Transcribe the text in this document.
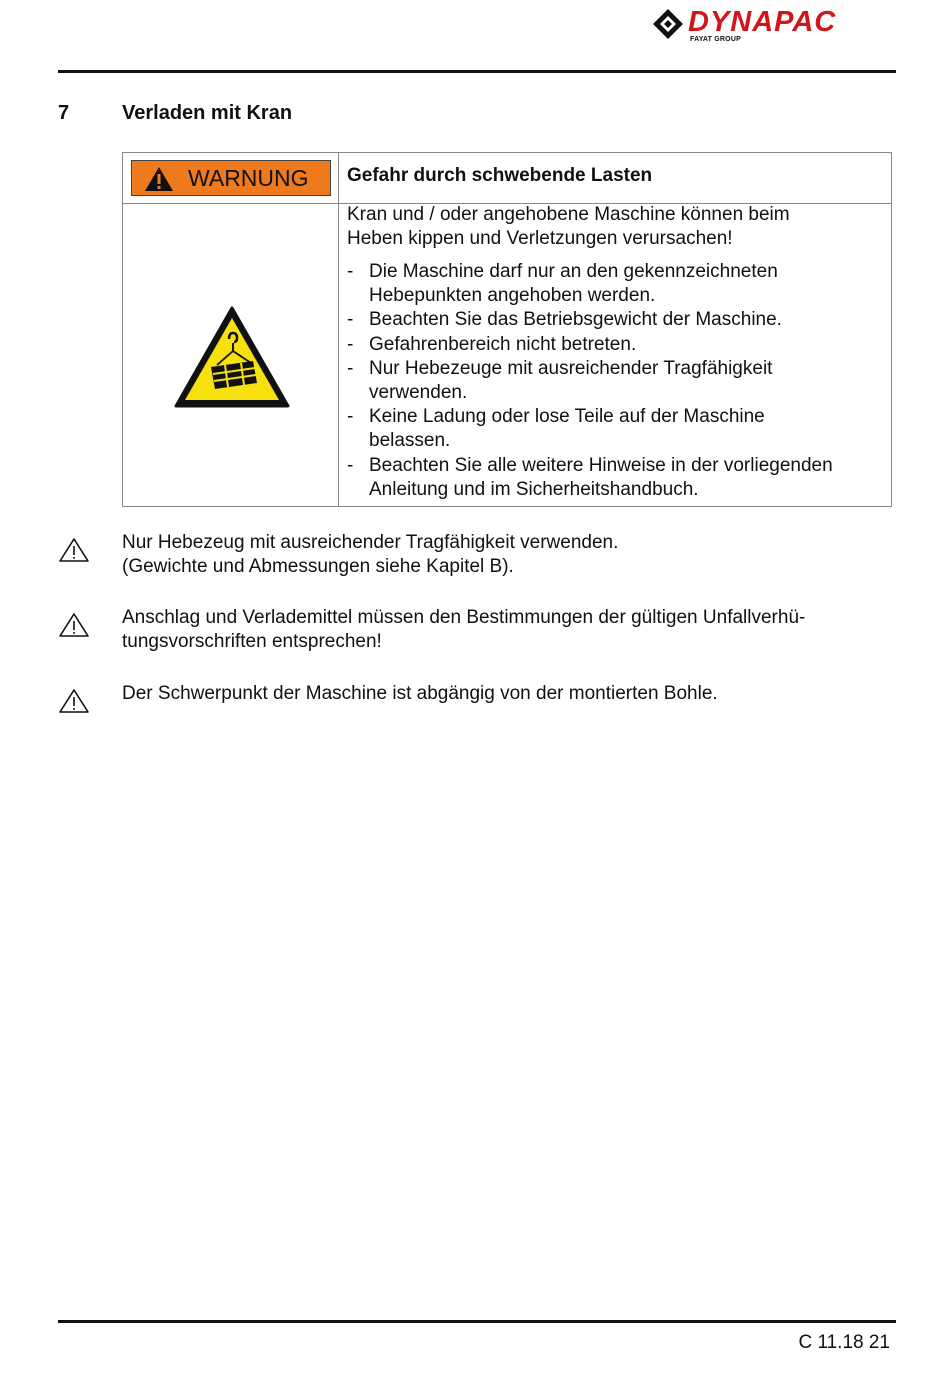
DYNAPAC
FAYAT GROUP
7	Verladen mit Kran
WARNUNG Gefahr durch schwebende Lasten
Kran und / oder angehobene Maschine können beim
Heben kippen und Verletzungen verursachen!
- Die Maschine darf nur an den gekennzeichneten
Hebepunkten angehoben werden.
- Beachten Sie das Betriebsgewicht der Maschine.
- Gefahrenbereich nicht betreten.
- Nur Hebezeuge mit ausreichender Tragfähigkeit
verwenden.
- Keine Ladung oder lose Teile auf der Maschine
belassen.
- Beachten Sie alle weitere Hinweise in der vorliegenden
Anleitung und im Sicherheitshandbuch.
Nur Hebezeug mit ausreichender Tragfähigkeit verwenden.
(Gewichte und Abmessungen siehe Kapitel B).
Anschlag und Verlademittel müssen den Bestimmungen der gültigen Unfallverhü-
tungsvorschriften entsprechen!
Der Schwerpunkt der Maschine ist abgängig von der montierten Bohle.
C 11.18 21
